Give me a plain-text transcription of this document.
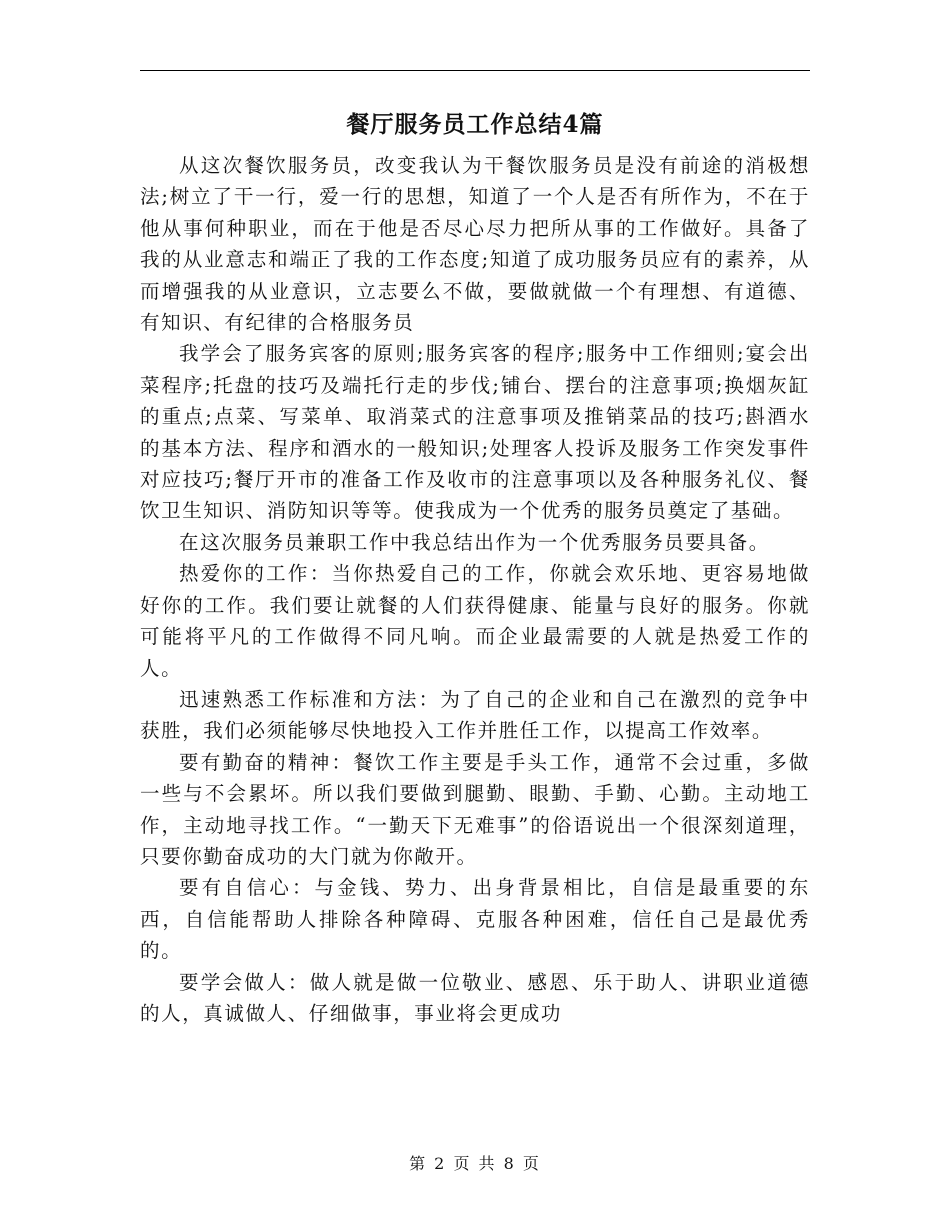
餐厅服务员工作总结4篇

从这次餐饮服务员，改变我认为干餐饮服务员是没有前途的消极想法;树立了干一行，爱一行的思想，知道了一个人是否有所作为，不在于他从事何种职业，而在于他是否尽心尽力把所从事的工作做好。具备了我的从业意志和端正了我的工作态度;知道了成功服务员应有的素养，从而增强我的从业意识，立志要么不做，要做就做一个有理想、有道德、有知识、有纪律的合格服务员

我学会了服务宾客的原则;服务宾客的程序;服务中工作细则;宴会出菜程序;托盘的技巧及端托行走的步伐;铺台、摆台的注意事项;换烟灰缸的重点;点菜、写菜单、取消菜式的注意事项及推销菜品的技巧;斟酒水的基本方法、程序和酒水的一般知识;处理客人投诉及服务工作突发事件对应技巧;餐厅开市的准备工作及收市的注意事项以及各种服务礼仪、餐饮卫生知识、消防知识等等。使我成为一个优秀的服务员奠定了基础。

在这次服务员兼职工作中我总结出作为一个优秀服务员要具备。

热爱你的工作：当你热爱自己的工作，你就会欢乐地、更容易地做好你的工作。我们要让就餐的人们获得健康、能量与良好的服务。你就可能将平凡的工作做得不同凡响。而企业最需要的人就是热爱工作的人。

迅速熟悉工作标准和方法：为了自己的企业和自己在激烈的竞争中获胜，我们必须能够尽快地投入工作并胜任工作，以提高工作效率。

要有勤奋的精神：餐饮工作主要是手头工作，通常不会过重，多做一些与不会累坏。所以我们要做到腿勤、眼勤、手勤、心勤。主动地工作，主动地寻找工作。“一勤天下无难事”的俗语说出一个很深刻道理，只要你勤奋成功的大门就为你敞开。

要有自信心：与金钱、势力、出身背景相比，自信是最重要的东西，自信能帮助人排除各种障碍、克服各种困难，信任自己是最优秀的。

要学会做人：做人就是做一位敬业、感恩、乐于助人、讲职业道德的人，真诚做人、仔细做事，事业将会更成功

第 2 页 共 8 页
